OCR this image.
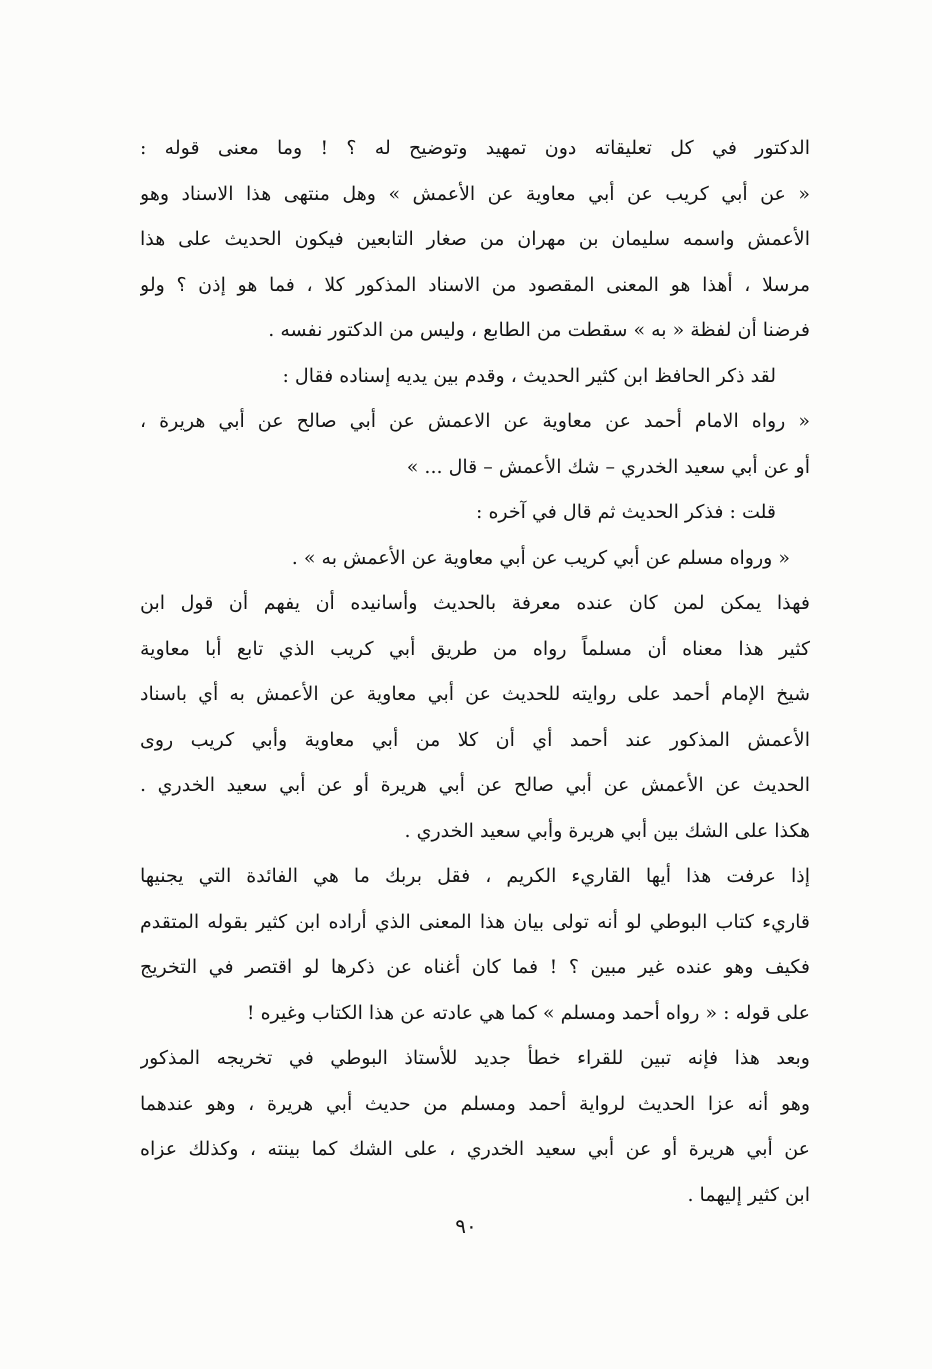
الدكتور في كل تعليقاته دون تمهيد وتوضيح له ؟ ! وما معنى قوله :
« عن أبي كريب عن أبي معاوية عن الأعمش » وهل منتهى هذا الاسناد وهو
الأعمش واسمه سليمان بن مهران من صغار التابعين فيكون الحديث على هذا
مرسلا ، أهذا هو المعنى المقصود من الاسناد المذكور كلا ، فما هو إذن ؟ ولو
فرضنا أن لفظة « به » سقطت من الطابع ، وليس من الدكتور نفسه .
لقد ذكر الحافظ ابن كثير الحديث ، وقدم بين يديه إسناده فقال :
« رواه الامام أحمد عن معاوية عن الاعمش عن أبي صالح عن أبي هريرة ،
أو عن أبي سعيد الخدري – شك الأعمش – قال ... »
قلت : فذكر الحديث ثم قال في آخره :
« ورواه مسلم عن أبي كريب عن أبي معاوية عن الأعمش به » .
فهذا يمكن لمن كان عنده معرفة بالحديث وأسانيده أن يفهم أن قول ابن
كثير هذا معناه أن مسلماً رواه من طريق أبي كريب الذي تابع أبا معاوية
شيخ الإمام أحمد على روايته للحديث عن أبي معاوية عن الأعمش به أي باسناد
الأعمش المذكور عند أحمد أي أن كلا من أبي معاوية وأبي كريب روى
الحديث عن الأعمش عن أبي صالح عن أبي هريرة أو عن أبي سعيد الخدري .
هكذا على الشك بين أبي هريرة وأبي سعيد الخدري .
إذا عرفت هذا أيها القاريء الكريم ، فقل بربك ما هي الفائدة التي يجنيها
قاريء كتاب البوطي لو أنه تولى بيان هذا المعنى الذي أراده ابن كثير بقوله المتقدم
فكيف وهو عنده غير مبين ؟ ! فما كان أغناه عن ذكرها لو اقتصر في التخريج
على قوله : « رواه أحمد ومسلم » كما هي عادته عن هذا الكتاب وغيره !
وبعد هذا فإنه تبين للقراء خطأ جديد للأستاذ البوطي في تخريجه المذكور
وهو أنه عزا الحديث لرواية أحمد ومسلم من حديث أبي هريرة ، وهو عندهما
عن أبي هريرة أو عن أبي سعيد الخدري ، على الشك كما بينته ، وكذلك عزاه
ابن كثير إليهما .
٩٠
